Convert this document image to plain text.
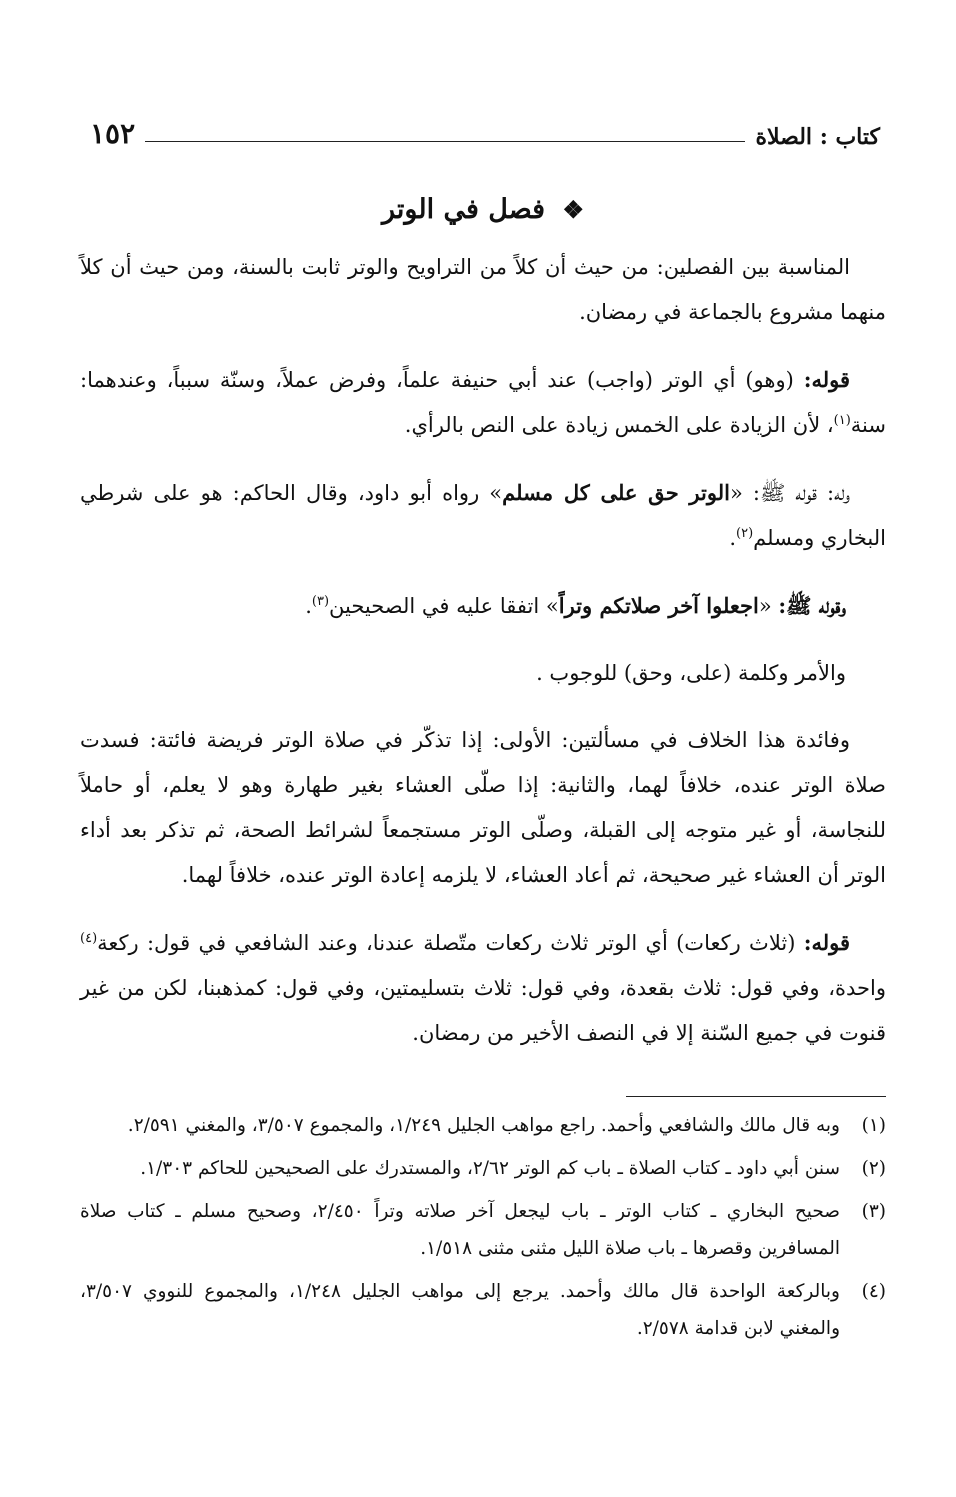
كتاب : الصلاة
١٥٢
❖ فصل في الوتر

المناسبة بين الفصلين: من حيث أن كلاً من التراويح والوتر ثابت بالسنة، ومن حيث أن كلاً منهما مشروع بالجماعة في رمضان.

قوله: (وهو) أي الوتر (واجب) عند أبي حنيفة علماً، وفرض عملاً، وسنّة سبباً، وعندهما: سنة$^{(١)}$، لأن الزيادة على الخمس زيادة على النص بالرأي.

وله: قوله ﷺ: «الوتر حق على كل مسلم» رواه أبو داود، وقال الحاكم: هو على شرطي البخاري ومسلم$^{(٢)}$.

وقوله ﷺ: «اجعلوا آخر صلاتكم وتراً» اتفقا عليه في الصحيحين$^{(٣)}$.

والأمر وكلمة (على، وحق) للوجوب .

وفائدة هذا الخلاف في مسألتين: الأولى: إذا تذكّر في صلاة الوتر فريضة فائتة: فسدت صلاة الوتر عنده، خلافاً لهما، والثانية: إذا صلّى العشاء بغير طهارة وهو لا يعلم، أو حاملاً للنجاسة، أو غير متوجه إلى القبلة، وصلّى الوتر مستجمعاً لشرائط الصحة، ثم تذكر بعد أداء الوتر أن العشاء غير صحيحة، ثم أعاد العشاء، لا يلزمه إعادة الوتر عنده، خلافاً لهما.

قوله: (ثلاث ركعات) أي الوتر ثلاث ركعات متّصلة عندنا، وعند الشافعي في قول: ركعة$^{(٤)}$ واحدة، وفي قول: ثلاث بقعدة، وفي قول: ثلاث بتسليمتين، وفي قول: كمذهبنا، لكن من غير قنوت في جميع السّنة إلا في النصف الأخير من رمضان.

(١)
وبه قال مالك والشافعي وأحمد. راجع مواهب الجليل ١/٢٤٩، والمجموع ٣/٥٠٧، والمغني ٢/٥٩١.
(٢)
سنن أبي داود ـ كتاب الصلاة ـ باب كم الوتر ٢/٦٢، والمستدرك على الصحيحين للحاكم ١/٣٠٣.
(٣)
صحيح البخاري ـ كتاب الوتر ـ باب ليجعل آخر صلاته وتراً ٢/٤٥٠، وصحيح مسلم ـ كتاب صلاة المسافرين وقصرها ـ باب صلاة الليل مثنى مثنى ١/٥١٨.
(٤)
وبالركعة الواحدة قال مالك وأحمد. يرجع إلى مواهب الجليل ١/٢٤٨، والمجموع للنووي ٣/٥٠٧، والمغني لابن قدامة ٢/٥٧٨.
